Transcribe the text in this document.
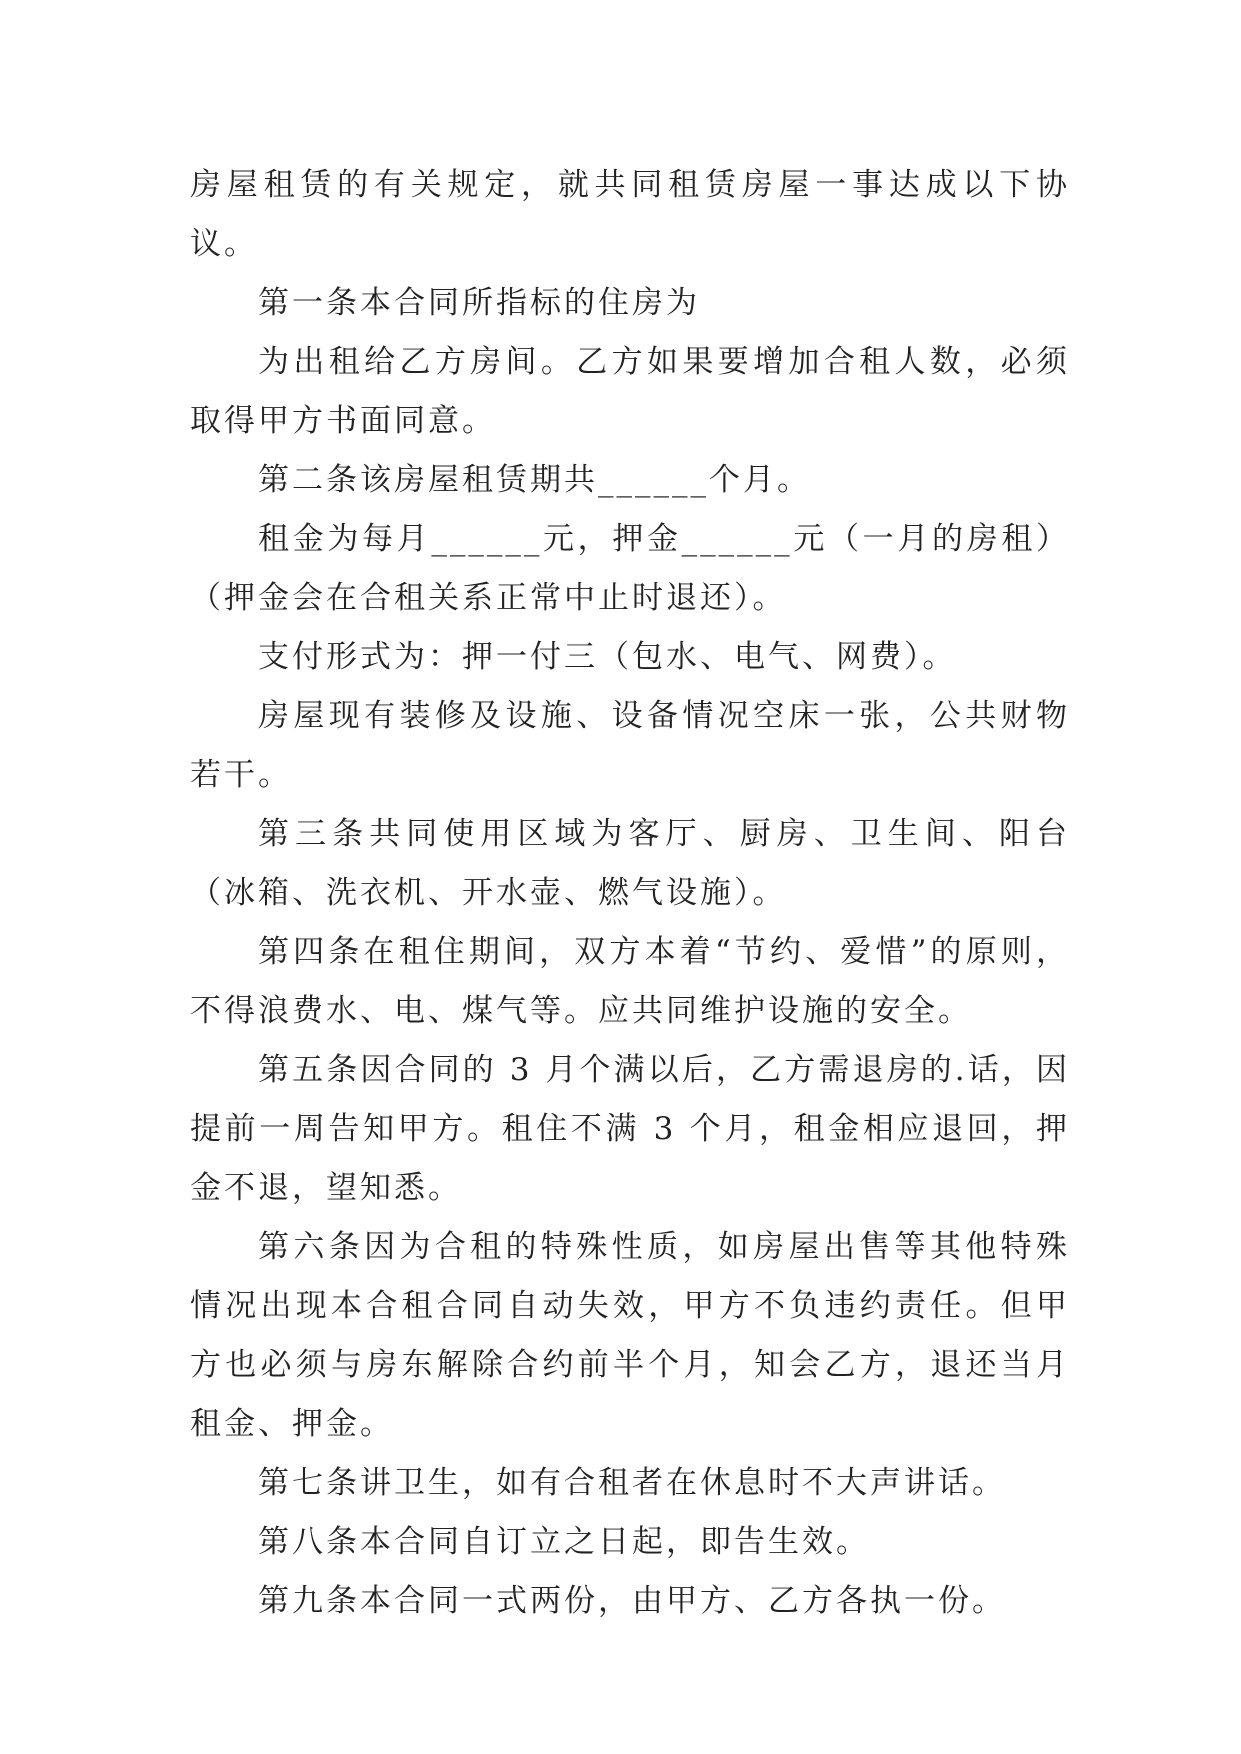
房屋租赁的有关规定，就共同租赁房屋一事达成以下协议。

第一条本合同所指标的住房为

为出租给乙方房间。乙方如果要增加合租人数，必须取得甲方书面同意。

第二条该房屋租赁期共______个月。

租金为每月______元，押金______元（一月的房租）（押金会在合租关系正常中止时退还）。

支付形式为：押一付三（包水、电气、网费）。

房屋现有装修及设施、设备情况空床一张，公共财物若干。

第三条共同使用区域为客厅、厨房、卫生间、阳台（冰箱、洗衣机、开水壶、燃气设施）。

第四条在租住期间，双方本着“节约、爱惜”的原则，不得浪费水、电、煤气等。应共同维护设施的安全。

第五条因合同的 3 月个满以后，乙方需退房的.话，因提前一周告知甲方。租住不满 3 个月，租金相应退回，押金不退，望知悉。

第六条因为合租的特殊性质，如房屋出售等其他特殊情况出现本合租合同自动失效，甲方不负违约责任。但甲方也必须与房东解除合约前半个月，知会乙方，退还当月租金、押金。

第七条讲卫生，如有合租者在休息时不大声讲话。

第八条本合同自订立之日起，即告生效。

第九条本合同一式两份，由甲方、乙方各执一份。
